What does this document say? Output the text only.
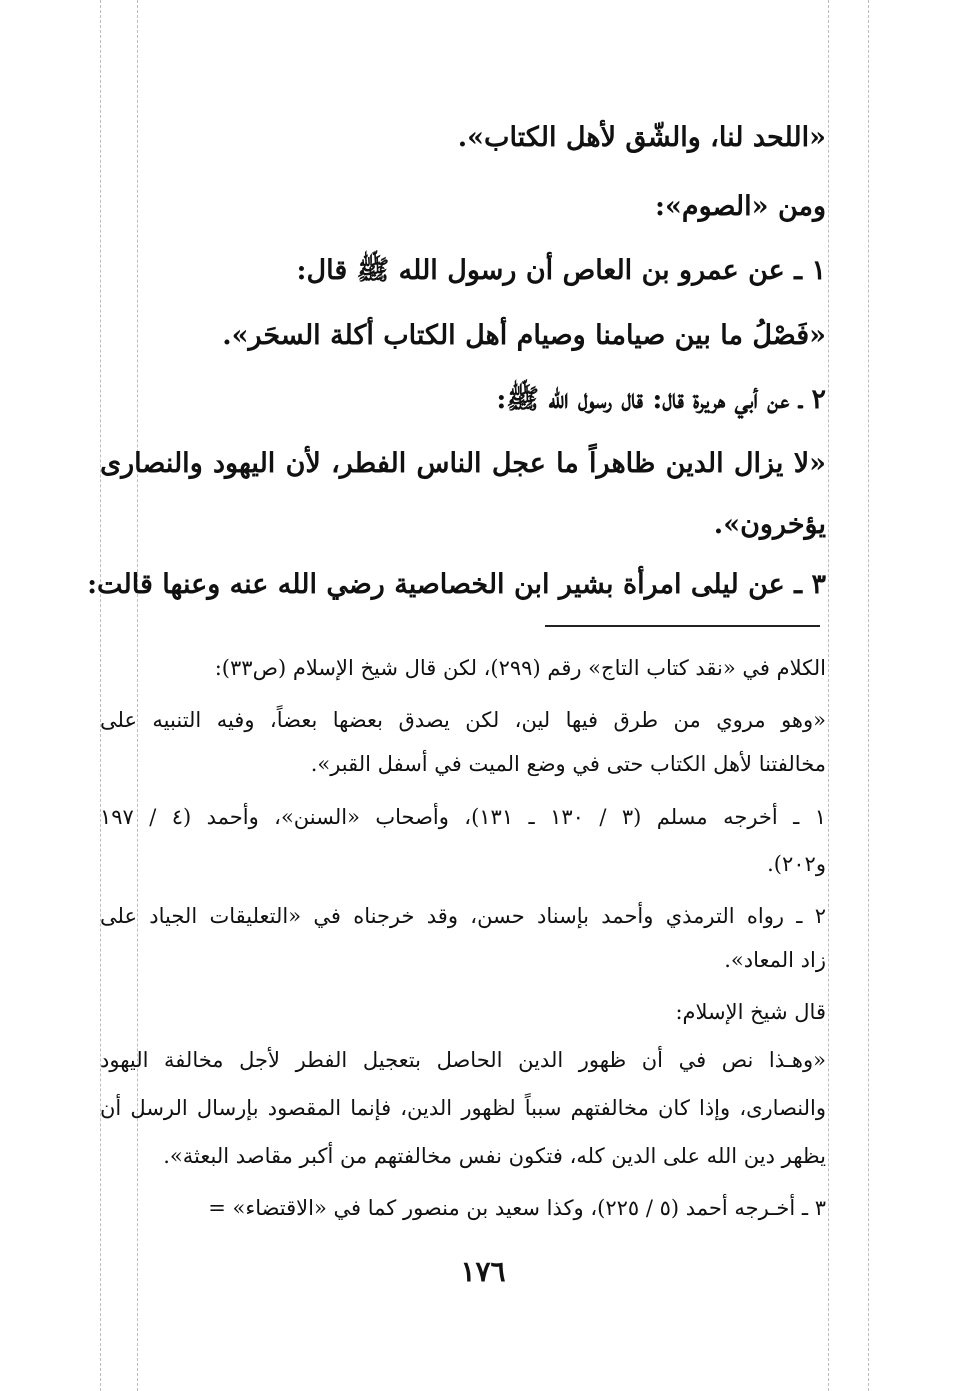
«اللحد لنا، والشّق لأهل الكتاب».
ومن «الصوم»:
١ ـ عن عمرو بن العاص أن رسول الله ﷺ قال:
«فَصْلُ ما بين صيامنا وصيام أهل الكتاب أكلة السحَر».
٢ ـ عن أبي هريرة قال: قال رسول الله ﷺ:
«لا يزال الدين ظاهراً ما عجل الناس الفطر، لأن اليهود والنصارى
يؤخرون».
٣ ـ عن ليلى امرأة بشير ابن الخصاصية رضي الله عنه وعنها قالت:
الكلام في «نقد كتاب التاج» رقم (٢٩٩)، لكن قال شيخ الإسلام (ص٣٣):
«وهو مروي من طرق فيها لين، لكن يصدق بعضها بعضاً، وفيه التنبيه على
مخالفتنا لأهل الكتاب حتى في وضع الميت في أسفل القبر».
١ ـ أخرجه مسلم (٣ / ١٣٠ ـ ١٣١)، وأصحاب «السنن»، وأحمد (٤ / ١٩٧
و٢٠٢).
٢ ـ رواه الترمذي وأحمد بإسناد حسن، وقد خرجناه في «التعليقات الجياد على
زاد المعاد».
قال شيخ الإسلام:
«وهـذا نص في أن ظهور الدين الحاصل بتعجيل الفطر لأجل مخالفة اليهود
والنصارى، وإذا كان مخالفتهم سبباً لظهور الدين، فإنما المقصود بإرسال الرسل أن
يظهر دين الله على الدين كله، فتكون نفس مخالفتهم من أكبر مقاصد البعثة».
٣ ـ أخـرجه أحمد (٥ / ٢٢٥)، وكذا سعيد بن منصور كما في «الاقتضاء» =
١٧٦
